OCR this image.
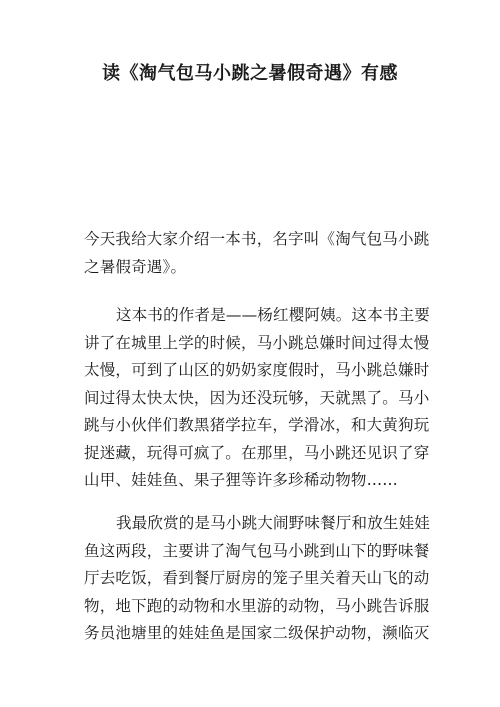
读《淘气包马小跳之暑假奇遇》有感
今天我给大家介绍一本书，名字叫《淘气包马小跳
之暑假奇遇》。
这本书的作者是——杨红樱阿姨。这本书主要
讲了在城里上学的时候，马小跳总嫌时间过得太慢
太慢，可到了山区的奶奶家度假时，马小跳总嫌时
间过得太快太快，因为还没玩够，天就黑了。马小
跳与小伙伴们教黑猪学拉车，学滑冰，和大黄狗玩
捉迷藏，玩得可疯了。在那里，马小跳还见识了穿
山甲、娃娃鱼、果子狸等许多珍稀动物物……
我最欣赏的是马小跳大闹野味餐厅和放生娃娃
鱼这两段，主要讲了淘气包马小跳到山下的野味餐
厅去吃饭，看到餐厅厨房的笼子里关着天山飞的动
物，地下跑的动物和水里游的动物，马小跳告诉服
务员池塘里的娃娃鱼是国家二级保护动物，濒临灭
